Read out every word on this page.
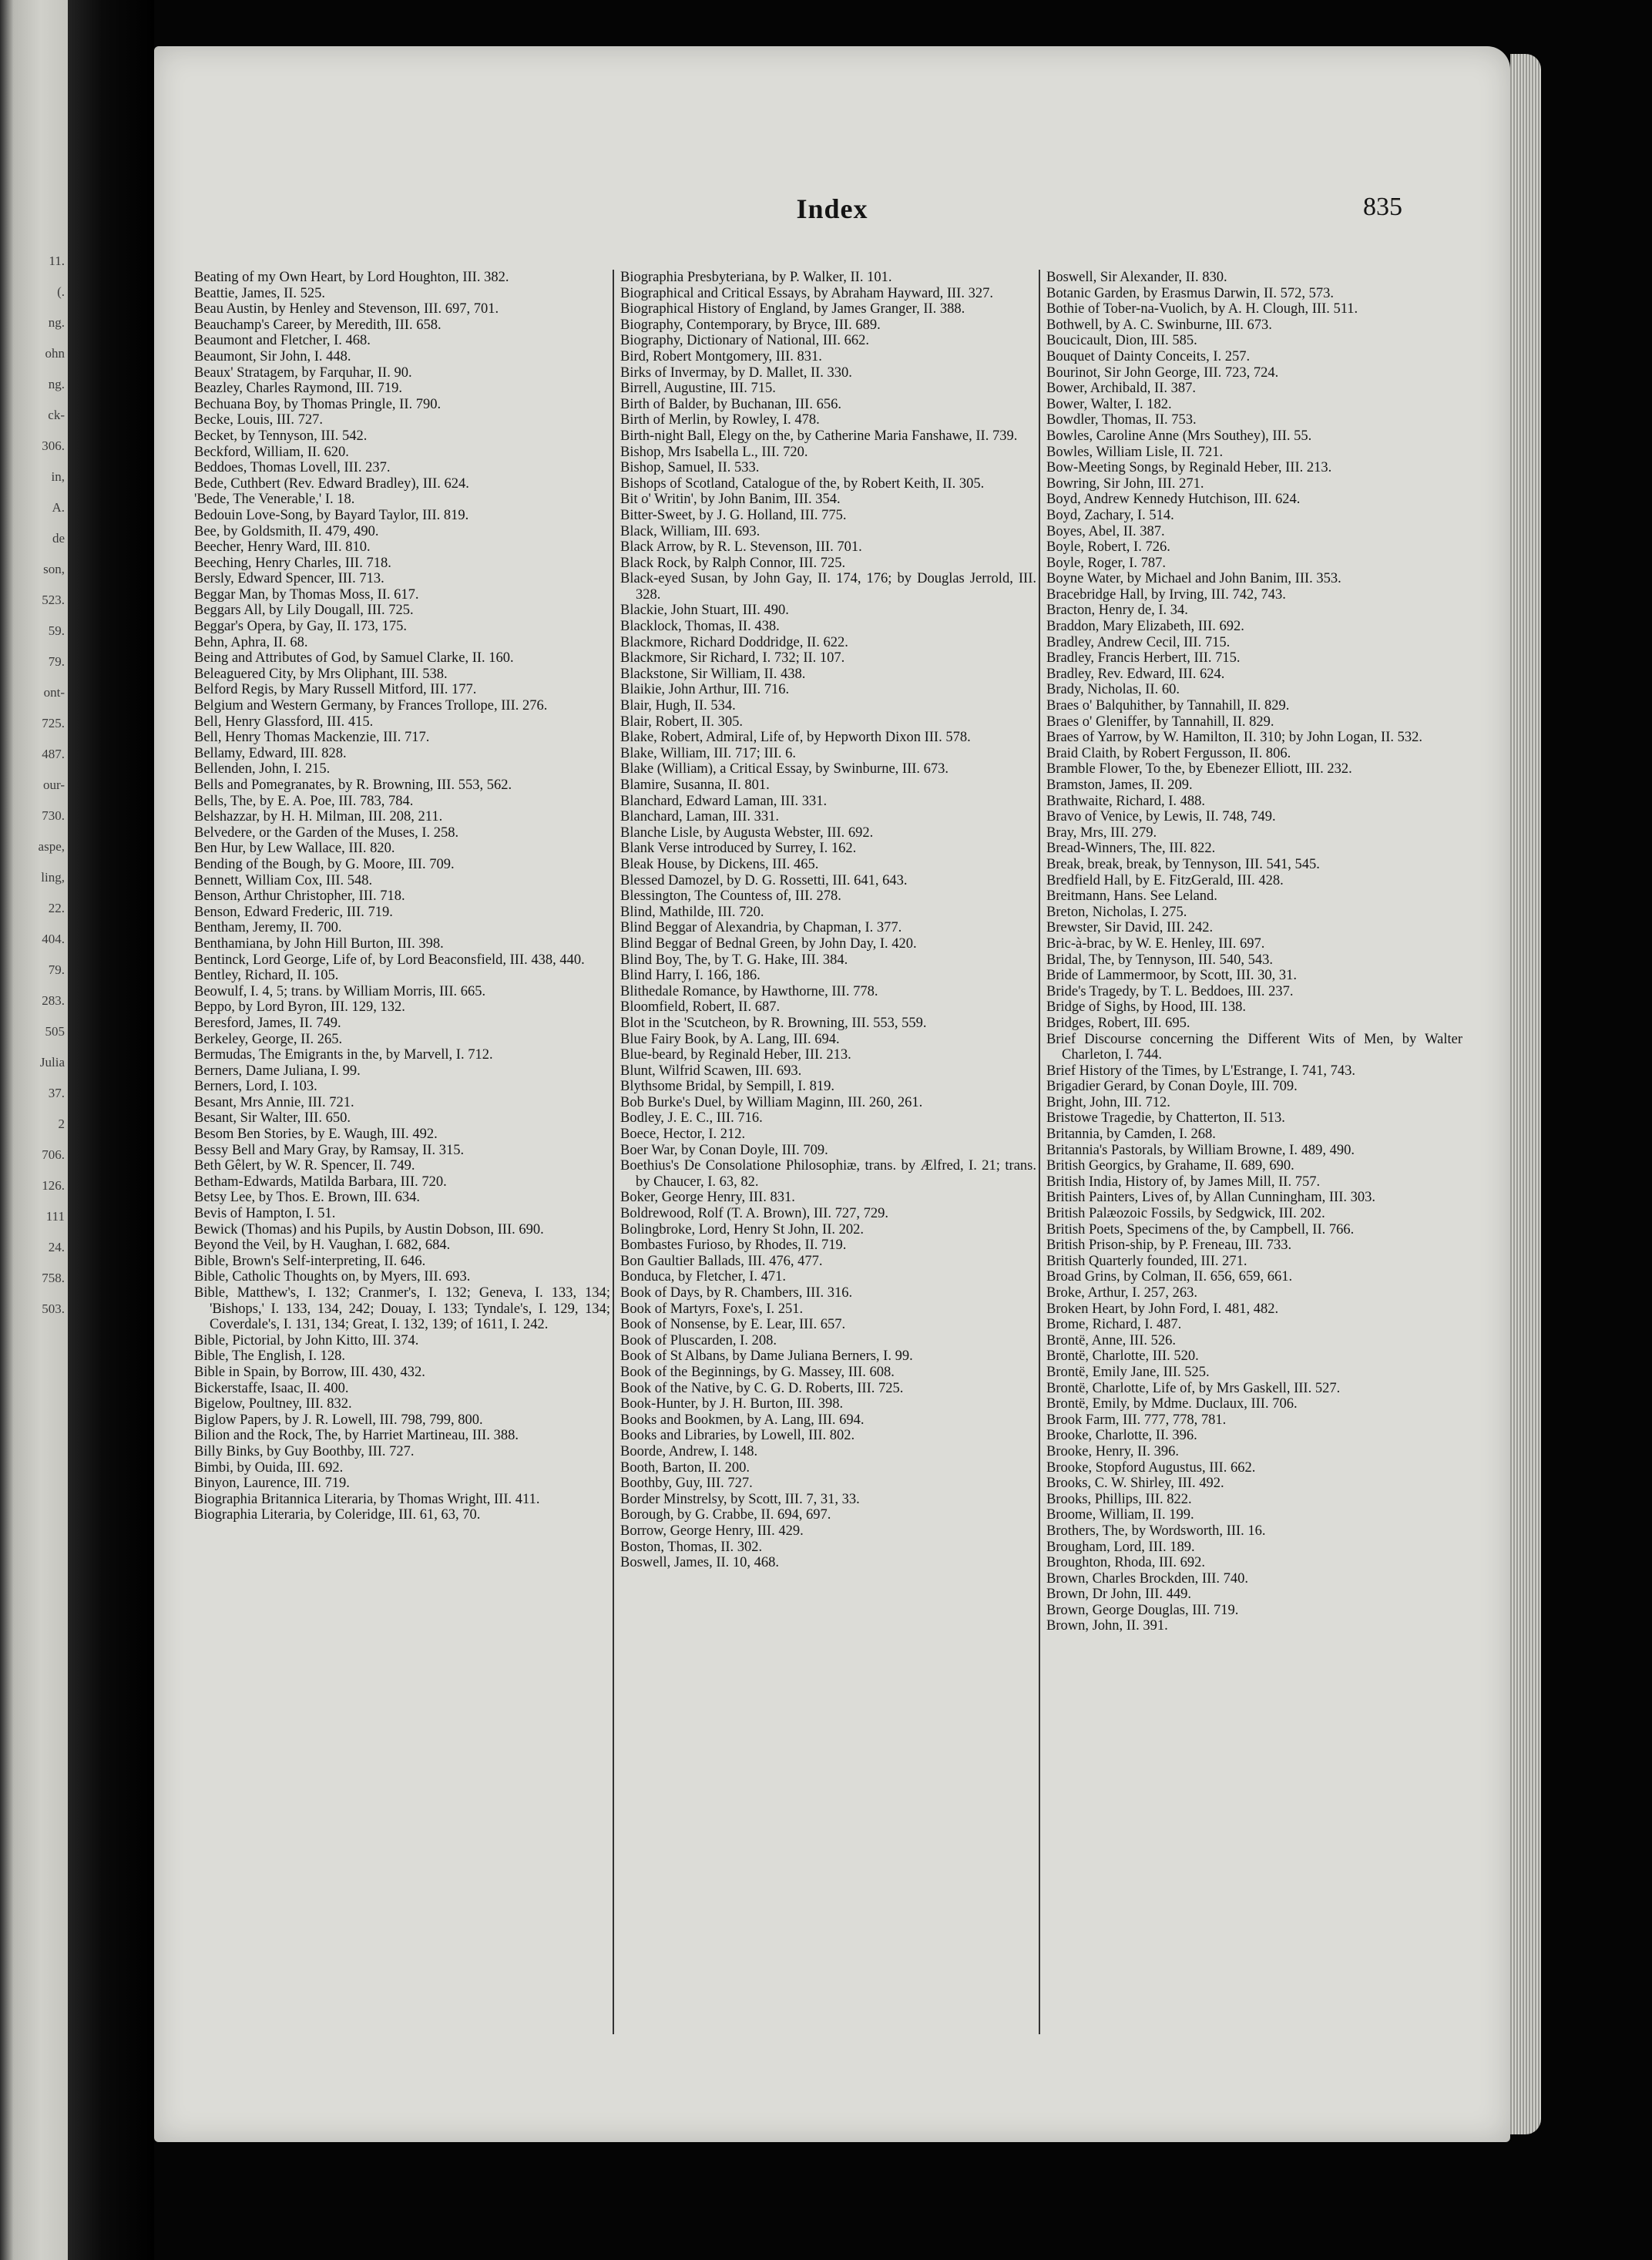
11.
(.
ng.
ohn
ng.
ck-
306.
in,
A.
de
son,
523.
59.
79.
ont-
725.
487.
our-
730.
aspe,
ling,
22.
404.
79.
283.
505
Julia
37.
2
706.
126.
111
24.
758.
503.
Index	835

Beating of my Own Heart, by Lord Houghton, III. 382.

Beattie, James, II. 525.

Beau Austin, by Henley and Stevenson, III. 697, 701.

Beauchamp's Career, by Meredith, III. 658.

Beaumont and Fletcher, I. 468.

Beaumont, Sir John, I. 448.

Beaux' Stratagem, by Farquhar, II. 90.

Beazley, Charles Raymond, III. 719.

Bechuana Boy, by Thomas Pringle, II. 790.

Becke, Louis, III. 727.

Becket, by Tennyson, III. 542.

Beckford, William, II. 620.

Beddoes, Thomas Lovell, III. 237.

Bede, Cuthbert (Rev. Edward Bradley), III. 624.

'Bede, The Venerable,' I. 18.

Bedouin Love-Song, by Bayard Taylor, III. 819.

Bee, by Goldsmith, II. 479, 490.

Beecher, Henry Ward, III. 810.

Beeching, Henry Charles, III. 718.

Bersly, Edward Spencer, III. 713.

Beggar Man, by Thomas Moss, II. 617.

Beggars All, by Lily Dougall, III. 725.

Beggar's Opera, by Gay, II. 173, 175.

Behn, Aphra, II. 68.

Being and Attributes of God, by Samuel Clarke, II. 160.

Beleaguered City, by Mrs Oliphant, III. 538.

Belford Regis, by Mary Russell Mitford, III. 177.

Belgium and Western Germany, by Frances Trollope, III. 276.

Bell, Henry Glassford, III. 415.

Bell, Henry Thomas Mackenzie, III. 717.

Bellamy, Edward, III. 828.

Bellenden, John, I. 215.

Bells and Pomegranates, by R. Browning, III. 553, 562.

Bells, The, by E. A. Poe, III. 783, 784.

Belshazzar, by H. H. Milman, III. 208, 211.

Belvedere, or the Garden of the Muses, I. 258.

Ben Hur, by Lew Wallace, III. 820.

Bending of the Bough, by G. Moore, III. 709.

Bennett, William Cox, III. 548.

Benson, Arthur Christopher, III. 718.

Benson, Edward Frederic, III. 719.

Bentham, Jeremy, II. 700.

Benthamiana, by John Hill Burton, III. 398.

Bentinck, Lord George, Life of, by Lord Beaconsfield, III. 438, 440.

Bentley, Richard, II. 105.

Beowulf, I. 4, 5; trans. by William Morris, III. 665.

Beppo, by Lord Byron, III. 129, 132.

Beresford, James, II. 749.

Berkeley, George, II. 265.

Bermudas, The Emigrants in the, by Marvell, I. 712.

Berners, Dame Juliana, I. 99.

Berners, Lord, I. 103.

Besant, Mrs Annie, III. 721.

Besant, Sir Walter, III. 650.

Besom Ben Stories, by E. Waugh, III. 492.

Bessy Bell and Mary Gray, by Ramsay, II. 315.

Beth Gêlert, by W. R. Spencer, II. 749.

Betham-Edwards, Matilda Barbara, III. 720.

Betsy Lee, by Thos. E. Brown, III. 634.

Bevis of Hampton, I. 51.

Bewick (Thomas) and his Pupils, by Austin Dobson, III. 690.

Beyond the Veil, by H. Vaughan, I. 682, 684.

Bible, Brown's Self-interpreting, II. 646.

Bible, Catholic Thoughts on, by Myers, III. 693.

Bible, Matthew's, I. 132; Cranmer's, I. 132; Geneva, I. 133, 134; 'Bishops,' I. 133, 134, 242; Douay, I. 133; Tyndale's, I. 129, 134; Coverdale's, I. 131, 134; Great, I. 132, 139; of 1611, I. 242.

Bible, Pictorial, by John Kitto, III. 374.

Bible, The English, I. 128.

Bible in Spain, by Borrow, III. 430, 432.

Bickerstaffe, Isaac, II. 400.

Bigelow, Poultney, III. 832.

Biglow Papers, by J. R. Lowell, III. 798, 799, 800.

Bilion and the Rock, The, by Harriet Martineau, III. 388.

Billy Binks, by Guy Boothby, III. 727.

Bimbi, by Ouida, III. 692.

Binyon, Laurence, III. 719.

Biographia Britannica Literaria, by Thomas Wright, III. 411.

Biographia Literaria, by Coleridge, III. 61, 63, 70.

Biographia Presbyteriana, by P. Walker, II. 101.

Biographical and Critical Essays, by Abraham Hayward, III. 327.

Biographical History of England, by James Granger, II. 388.

Biography, Contemporary, by Bryce, III. 689.

Biography, Dictionary of National, III. 662.

Bird, Robert Montgomery, III. 831.

Birks of Invermay, by D. Mallet, II. 330.

Birrell, Augustine, III. 715.

Birth of Balder, by Buchanan, III. 656.

Birth of Merlin, by Rowley, I. 478.

Birth-night Ball, Elegy on the, by Catherine Maria Fanshawe, II. 739.

Bishop, Mrs Isabella L., III. 720.

Bishop, Samuel, II. 533.

Bishops of Scotland, Catalogue of the, by Robert Keith, II. 305.

Bit o' Writin', by John Banim, III. 354.

Bitter-Sweet, by J. G. Holland, III. 775.

Black, William, III. 693.

Black Arrow, by R. L. Stevenson, III. 701.

Black Rock, by Ralph Connor, III. 725.

Black-eyed Susan, by John Gay, II. 174, 176; by Douglas Jerrold, III. 328.

Blackie, John Stuart, III. 490.

Blacklock, Thomas, II. 438.

Blackmore, Richard Doddridge, II. 622.

Blackmore, Sir Richard, I. 732; II. 107.

Blackstone, Sir William, II. 438.

Blaikie, John Arthur, III. 716.

Blair, Hugh, II. 534.

Blair, Robert, II. 305.

Blake, Robert, Admiral, Life of, by Hepworth Dixon III. 578.

Blake, William, III. 717; III. 6.

Blake (William), a Critical Essay, by Swinburne, III. 673.

Blamire, Susanna, II. 801.

Blanchard, Edward Laman, III. 331.

Blanchard, Laman, III. 331.

Blanche Lisle, by Augusta Webster, III. 692.

Blank Verse introduced by Surrey, I. 162.

Bleak House, by Dickens, III. 465.

Blessed Damozel, by D. G. Rossetti, III. 641, 643.

Blessington, The Countess of, III. 278.

Blind, Mathilde, III. 720.

Blind Beggar of Alexandria, by Chapman, I. 377.

Blind Beggar of Bednal Green, by John Day, I. 420.

Blind Boy, The, by T. G. Hake, III. 384.

Blind Harry, I. 166, 186.

Blithedale Romance, by Hawthorne, III. 778.

Bloomfield, Robert, II. 687.

Blot in the 'Scutcheon, by R. Browning, III. 553, 559.

Blue Fairy Book, by A. Lang, III. 694.

Blue-beard, by Reginald Heber, III. 213.

Blunt, Wilfrid Scawen, III. 693.

Blythsome Bridal, by Sempill, I. 819.

Bob Burke's Duel, by William Maginn, III. 260, 261.

Bodley, J. E. C., III. 716.

Boece, Hector, I. 212.

Boer War, by Conan Doyle, III. 709.

Boethius's De Consolatione Philosophiæ, trans. by Ælfred, I. 21; trans. by Chaucer, I. 63, 82.

Boker, George Henry, III. 831.

Boldrewood, Rolf (T. A. Brown), III. 727, 729.

Bolingbroke, Lord, Henry St John, II. 202.

Bombastes Furioso, by Rhodes, II. 719.

Bon Gaultier Ballads, III. 476, 477.

Bonduca, by Fletcher, I. 471.

Book of Days, by R. Chambers, III. 316.

Book of Martyrs, Foxe's, I. 251.

Book of Nonsense, by E. Lear, III. 657.

Book of Pluscarden, I. 208.

Book of St Albans, by Dame Juliana Berners, I. 99.

Book of the Beginnings, by G. Massey, III. 608.

Book of the Native, by C. G. D. Roberts, III. 725.

Book-Hunter, by J. H. Burton, III. 398.

Books and Bookmen, by A. Lang, III. 694.

Books and Libraries, by Lowell, III. 802.

Boorde, Andrew, I. 148.

Booth, Barton, II. 200.

Boothby, Guy, III. 727.

Border Minstrelsy, by Scott, III. 7, 31, 33.

Borough, by G. Crabbe, II. 694, 697.

Borrow, George Henry, III. 429.

Boston, Thomas, II. 302.

Boswell, James, II. 10, 468.

Boswell, Sir Alexander, II. 830.

Botanic Garden, by Erasmus Darwin, II. 572, 573.

Bothie of Tober-na-Vuolich, by A. H. Clough, III. 511.

Bothwell, by A. C. Swinburne, III. 673.

Boucicault, Dion, III. 585.

Bouquet of Dainty Conceits, I. 257.

Bourinot, Sir John George, III. 723, 724.

Bower, Archibald, II. 387.

Bower, Walter, I. 182.

Bowdler, Thomas, II. 753.

Bowles, Caroline Anne (Mrs Southey), III. 55.

Bowles, William Lisle, II. 721.

Bow-Meeting Songs, by Reginald Heber, III. 213.

Bowring, Sir John, III. 271.

Boyd, Andrew Kennedy Hutchison, III. 624.

Boyd, Zachary, I. 514.

Boyes, Abel, II. 387.

Boyle, Robert, I. 726.

Boyle, Roger, I. 787.

Boyne Water, by Michael and John Banim, III. 353.

Bracebridge Hall, by Irving, III. 742, 743.

Bracton, Henry de, I. 34.

Braddon, Mary Elizabeth, III. 692.

Bradley, Andrew Cecil, III. 715.

Bradley, Francis Herbert, III. 715.

Bradley, Rev. Edward, III. 624.

Brady, Nicholas, II. 60.

Braes o' Balquhither, by Tannahill, II. 829.

Braes o' Gleniffer, by Tannahill, II. 829.

Braes of Yarrow, by W. Hamilton, II. 310; by John Logan, II. 532.

Braid Claith, by Robert Fergusson, II. 806.

Bramble Flower, To the, by Ebenezer Elliott, III. 232.

Bramston, James, II. 209.

Brathwaite, Richard, I. 488.

Bravo of Venice, by Lewis, II. 748, 749.

Bray, Mrs, III. 279.

Bread-Winners, The, III. 822.

Break, break, break, by Tennyson, III. 541, 545.

Bredfield Hall, by E. FitzGerald, III. 428.

Breitmann, Hans. See Leland.

Breton, Nicholas, I. 275.

Brewster, Sir David, III. 242.

Bric-à-brac, by W. E. Henley, III. 697.

Bridal, The, by Tennyson, III. 540, 543.

Bride of Lammermoor, by Scott, III. 30, 31.

Bride's Tragedy, by T. L. Beddoes, III. 237.

Bridge of Sighs, by Hood, III. 138.

Bridges, Robert, III. 695.

Brief Discourse concerning the Different Wits of Men, by Walter Charleton, I. 744.

Brief History of the Times, by L'Estrange, I. 741, 743.

Brigadier Gerard, by Conan Doyle, III. 709.

Bright, John, III. 712.

Bristowe Tragedie, by Chatterton, II. 513.

Britannia, by Camden, I. 268.

Britannia's Pastorals, by William Browne, I. 489, 490.

British Georgics, by Grahame, II. 689, 690.

British India, History of, by James Mill, II. 757.

British Painters, Lives of, by Allan Cunningham, III. 303.

British Palæozoic Fossils, by Sedgwick, III. 202.

British Poets, Specimens of the, by Campbell, II. 766.

British Prison-ship, by P. Freneau, III. 733.

British Quarterly founded, III. 271.

Broad Grins, by Colman, II. 656, 659, 661.

Broke, Arthur, I. 257, 263.

Broken Heart, by John Ford, I. 481, 482.

Brome, Richard, I. 487.

Brontë, Anne, III. 526.

Brontë, Charlotte, III. 520.

Brontë, Emily Jane, III. 525.

Brontë, Charlotte, Life of, by Mrs Gaskell, III. 527.

Brontë, Emily, by Mdme. Duclaux, III. 706.

Brook Farm, III. 777, 778, 781.

Brooke, Charlotte, II. 396.

Brooke, Henry, II. 396.

Brooke, Stopford Augustus, III. 662.

Brooks, C. W. Shirley, III. 492.

Brooks, Phillips, III. 822.

Broome, William, II. 199.

Brothers, The, by Wordsworth, III. 16.

Brougham, Lord, III. 189.

Broughton, Rhoda, III. 692.

Brown, Charles Brockden, III. 740.

Brown, Dr John, III. 449.

Brown, George Douglas, III. 719.

Brown, John, II. 391.
